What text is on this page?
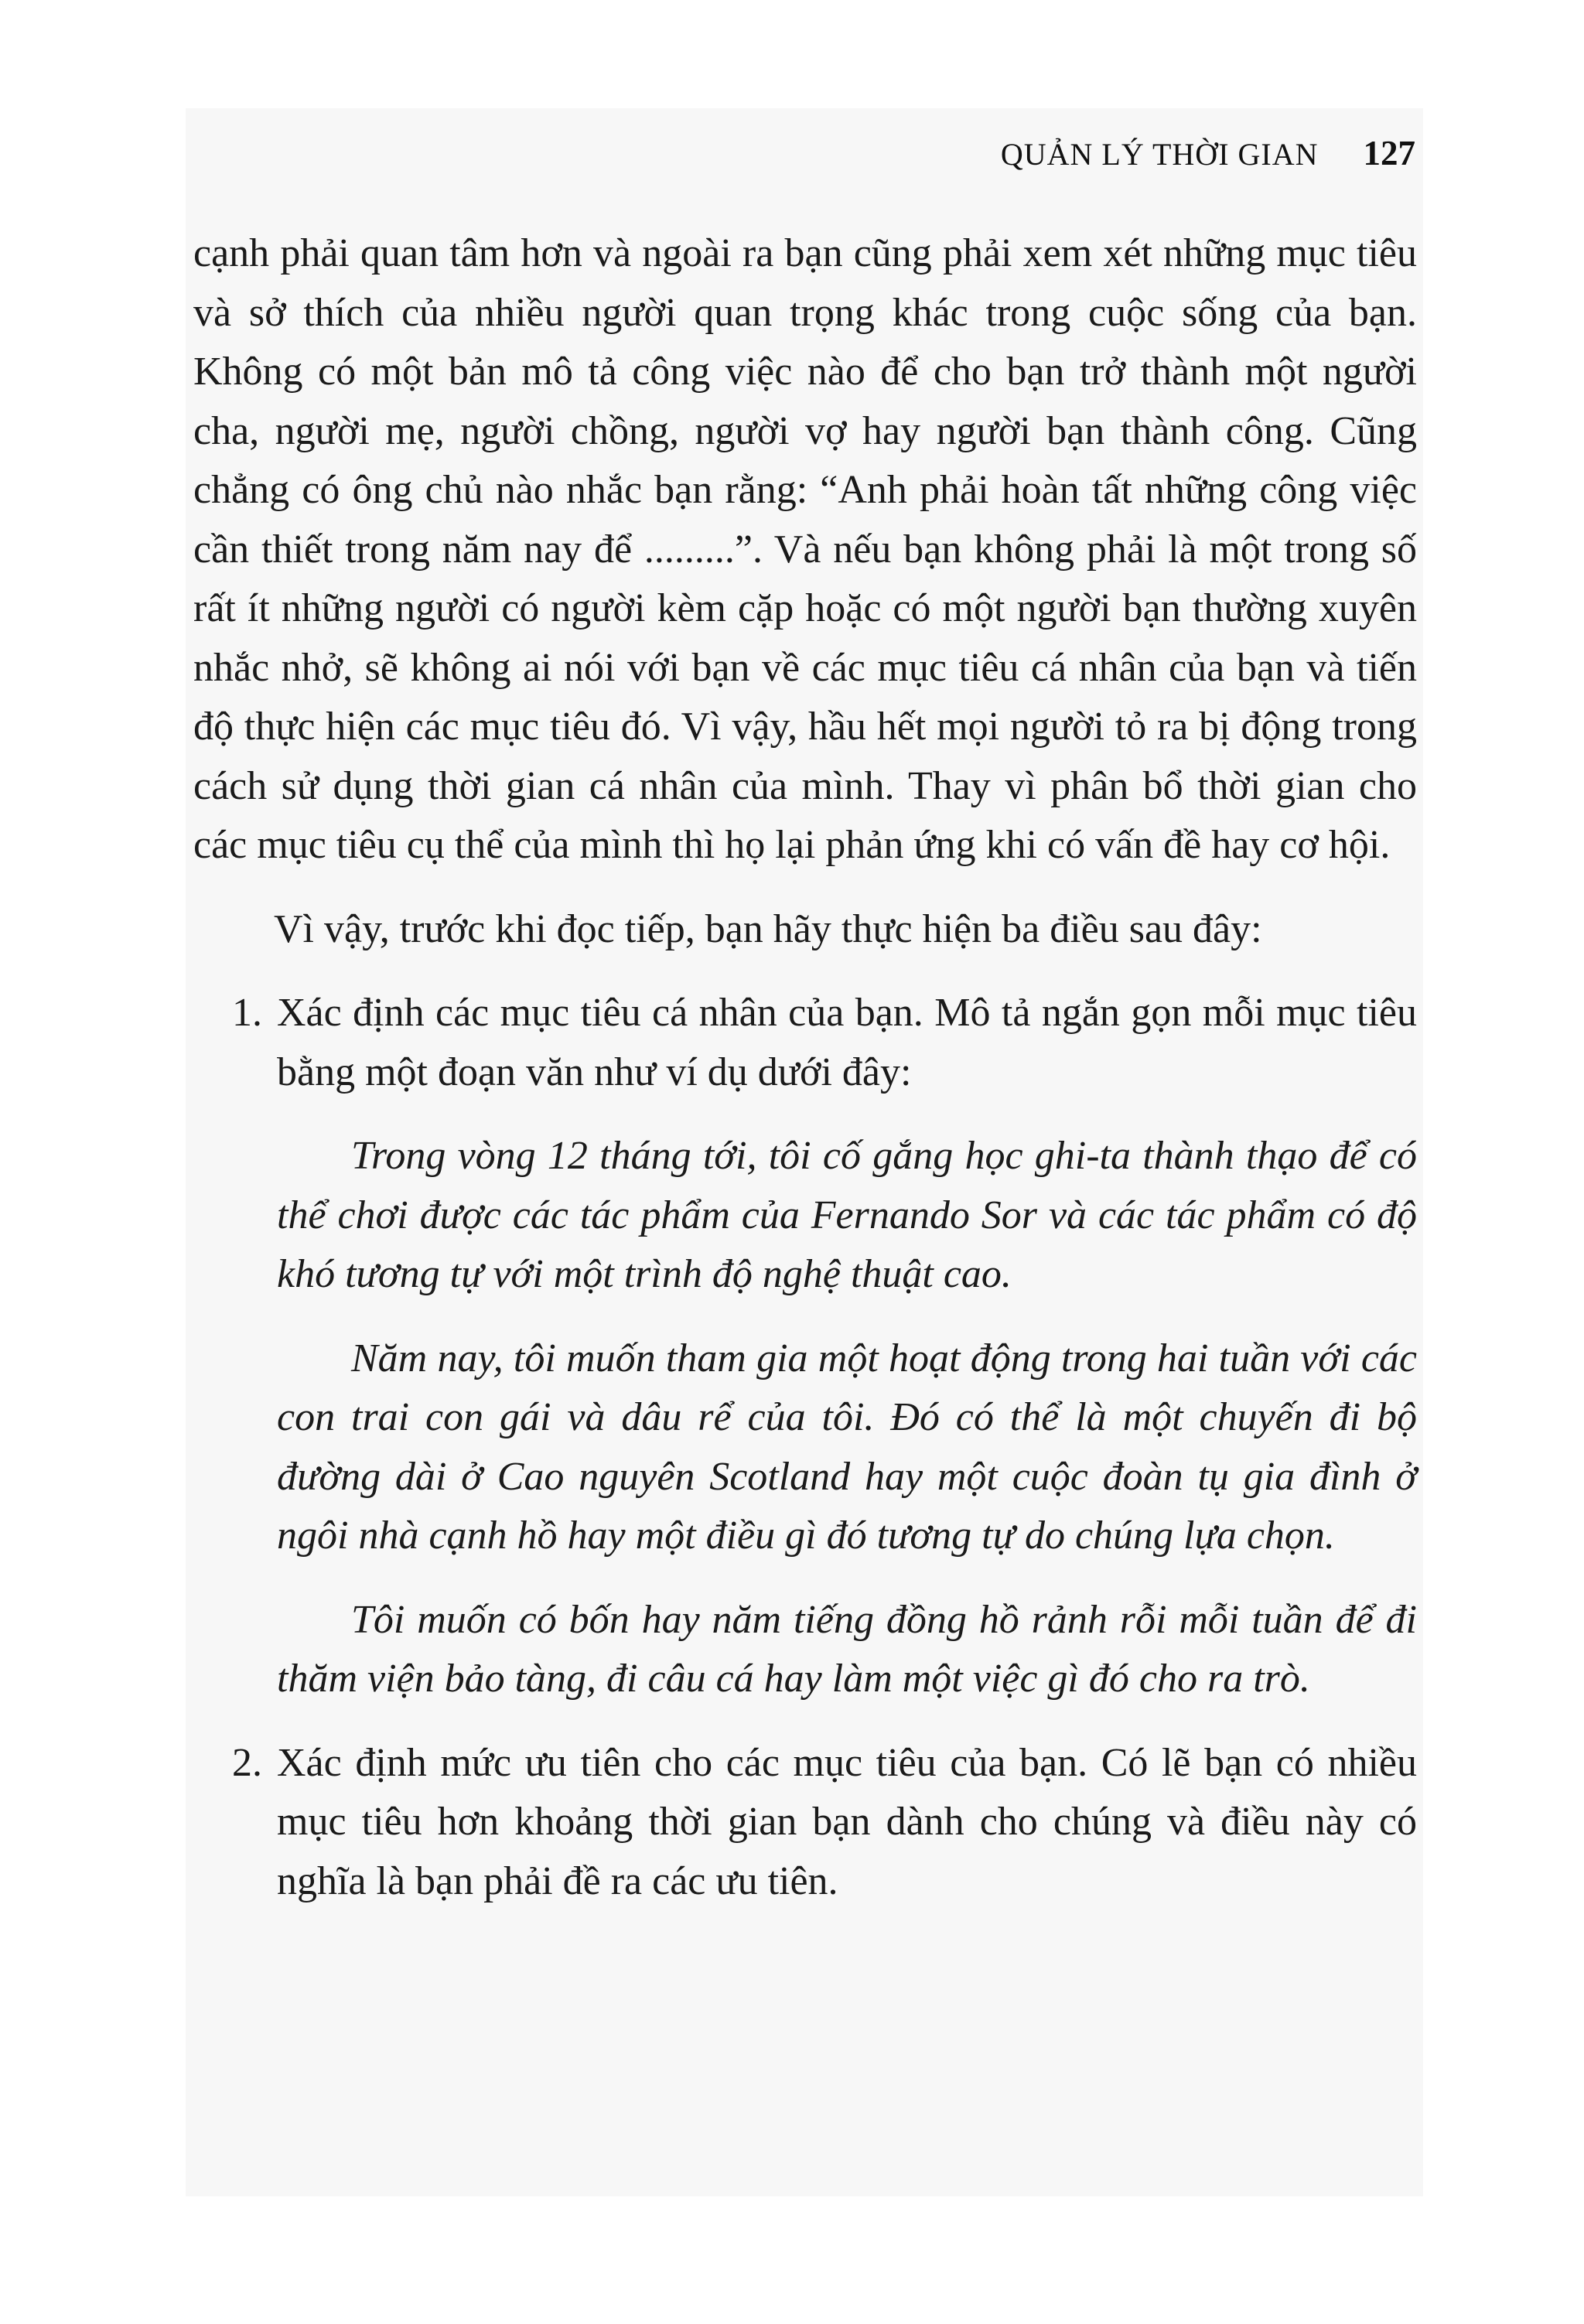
QUẢN LÝ THỜI GIAN 127

cạnh phải quan tâm hơn và ngoài ra bạn cũng phải xem xét những mục tiêu và sở thích của nhiều người quan trọng khác trong cuộc sống của bạn. Không có một bản mô tả công việc nào để cho bạn trở thành một người cha, người mẹ, người chồng, người vợ hay người bạn thành công. Cũng chẳng có ông chủ nào nhắc bạn rằng: “Anh phải hoàn tất những công việc cần thiết trong năm nay để .........”. Và nếu bạn không phải là một trong số rất ít những người có người kèm cặp hoặc có một người bạn thường xuyên nhắc nhở, sẽ không ai nói với bạn về các mục tiêu cá nhân của bạn và tiến độ thực hiện các mục tiêu đó. Vì vậy, hầu hết mọi người tỏ ra bị động trong cách sử dụng thời gian cá nhân của mình. Thay vì phân bổ thời gian cho các mục tiêu cụ thể của mình thì họ lại phản ứng khi có vấn đề hay cơ hội.

Vì vậy, trước khi đọc tiếp, bạn hãy thực hiện ba điều sau đây:

1. Xác định các mục tiêu cá nhân của bạn. Mô tả ngắn gọn mỗi mục tiêu bằng một đoạn văn như ví dụ dưới đây:

Trong vòng 12 tháng tới, tôi cố gắng học ghi-ta thành thạo để có thể chơi được các tác phẩm của Fernando Sor và các tác phẩm có độ khó tương tự với một trình độ nghệ thuật cao.

Năm nay, tôi muốn tham gia một hoạt động trong hai tuần với các con trai con gái và dâu rể của tôi. Đó có thể là một chuyến đi bộ đường dài ở Cao nguyên Scotland hay một cuộc đoàn tụ gia đình ở ngôi nhà cạnh hồ hay một điều gì đó tương tự do chúng lựa chọn.

Tôi muốn có bốn hay năm tiếng đồng hồ rảnh rỗi mỗi tuần để đi thăm viện bảo tàng, đi câu cá hay làm một việc gì đó cho ra trò.

2. Xác định mức ưu tiên cho các mục tiêu của bạn. Có lẽ bạn có nhiều mục tiêu hơn khoảng thời gian bạn dành cho chúng và điều này có nghĩa là bạn phải đề ra các ưu tiên.
